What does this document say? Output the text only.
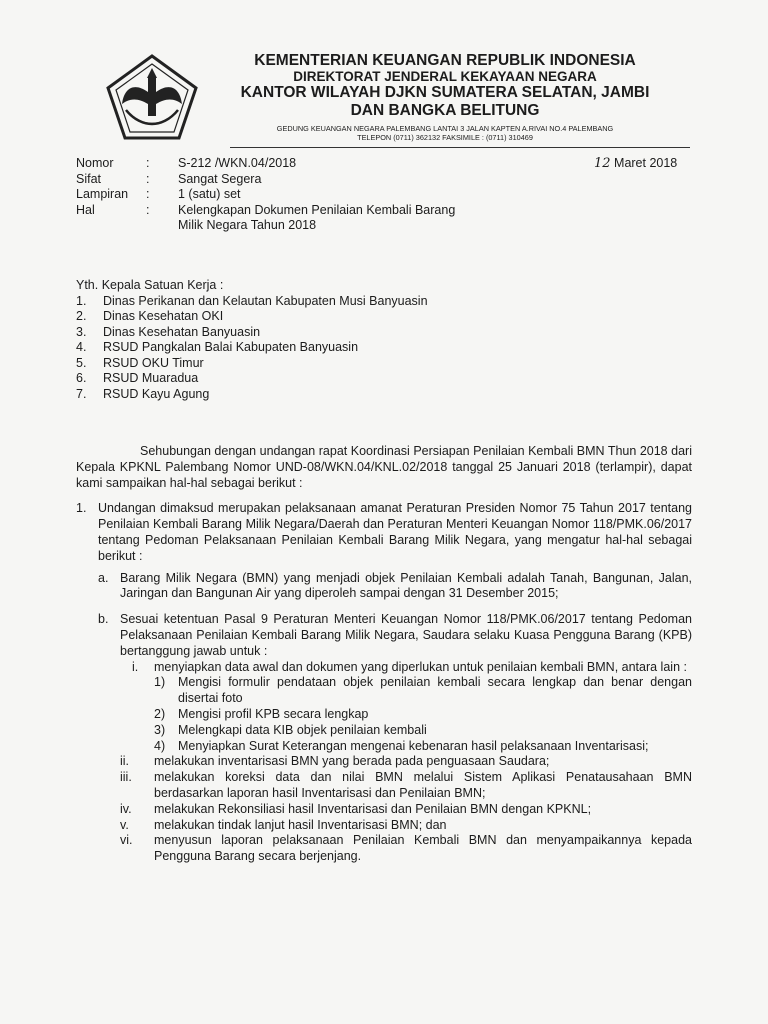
KEMENTERIAN KEUANGAN REPUBLIK INDONESIA
DIREKTORAT JENDERAL KEKAYAAN NEGARA
KANTOR WILAYAH DJKN SUMATERA SELATAN, JAMBI
DAN BANGKA BELITUNG
GEDUNG KEUANGAN NEGARA PALEMBANG LANTAI 3 JALAN KAPTEN A.RIVAI NO.4 PALEMBANG
TELEPON (0711) 362132 FAKSIMILE : (0711) 310469
Nomor	:	S-212 /WKN.04/2018
Sifat	:	Sangat Segera
Lampiran	:	1 (satu) set
Hal	:	Kelengkapan Dokumen Penilaian Kembali Barang Milik Negara Tahun 2018
12 Maret 2018
Yth. Kepala Satuan Kerja :
1.	Dinas Perikanan dan Kelautan Kabupaten Musi Banyuasin
2.	Dinas Kesehatan OKI
3.	Dinas Kesehatan Banyuasin
4.	RSUD Pangkalan Balai Kabupaten Banyuasin
5.	RSUD OKU Timur
6.	RSUD Muaradua
7.	RSUD Kayu Agung
Sehubungan dengan undangan rapat Koordinasi Persiapan Penilaian Kembali BMN Thun 2018 dari Kepala KPKNL Palembang Nomor UND-08/WKN.04/KNL.02/2018 tanggal 25 Januari 2018 (terlampir), dapat kami sampaikan hal-hal sebagai berikut :
1. Undangan dimaksud merupakan pelaksanaan amanat Peraturan Presiden Nomor 75 Tahun 2017 tentang Penilaian Kembali Barang Milik Negara/Daerah dan Peraturan Menteri Keuangan Nomor 118/PMK.06/2017 tentang Pedoman Pelaksanaan Penilaian Kembali Barang Milik Negara, yang mengatur hal-hal sebagai berikut :
a. Barang Milik Negara (BMN) yang menjadi objek Penilaian Kembali adalah Tanah, Bangunan, Jalan, Jaringan dan Bangunan Air yang diperoleh sampai dengan 31 Desember 2015;
b. Sesuai ketentuan Pasal 9 Peraturan Menteri Keuangan Nomor 118/PMK.06/2017 tentang Pedoman Pelaksanaan Penilaian Kembali Barang Milik Negara, Saudara selaku Kuasa Pengguna Barang (KPB) bertanggung jawab untuk :
i.	menyiapkan data awal dan dokumen yang diperlukan untuk penilaian kembali BMN, antara lain :
1)	Mengisi formulir pendataan objek penilaian kembali secara lengkap dan benar dengan disertai foto
2)	Mengisi profil KPB secara lengkap
3)	Melengkapi data KIB objek penilaian kembali
4)	Menyiapkan Surat Keterangan mengenai kebenaran hasil pelaksanaan Inventarisasi;
ii.	melakukan inventarisasi BMN yang berada pada penguasaan Saudara;
iii.	melakukan koreksi data dan nilai BMN melalui Sistem Aplikasi Penatausahaan BMN berdasarkan laporan hasil Inventarisasi dan Penilaian BMN;
iv.	melakukan Rekonsiliasi hasil Inventarisasi dan Penilaian BMN dengan KPKNL;
v.	melakukan tindak lanjut hasil Inventarisasi BMN; dan
vi.	menyusun laporan pelaksanaan Penilaian Kembali BMN dan menyampaikannya kepada Pengguna Barang secara berjenjang.
